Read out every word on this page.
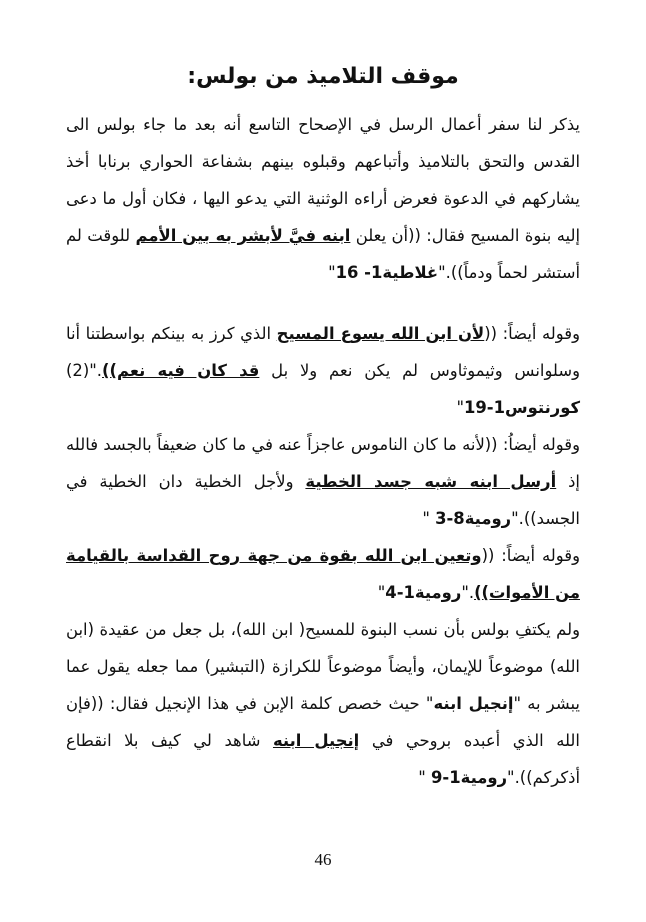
موقف التلاميذ من بولس:

يذكر لنا سفر أعمال الرسل في الإصحاح التاسع أنه بعد ما جاء بولس الى القدس والتحق بالتلاميذ وأتباعهم وقبلوه بينهم بشفاعة الحواري برنابا أخذ يشاركهم في الدعوة فعرض أراءه الوثنية التي يدعو اليها ، فكان أول ما دعى إليه بنوة المسيح فقال: ((أن يعلن ابنه فيَّ لأبشر به بين الأمم للوقت لم أستشر لحماً ودماً))."غلاطية1- 16"

وقوله أيضاً: ((لأن ابن الله يسوع المسيح الذي كرز به بينكم بواسطتنا أنا وسلوانس وثيموثاوس لم يكن نعم ولا بل قد كان فيه نعم))."(2) كورنتوس1-19"

وقوله أيضاُ: ((لأنه ما كان الناموس عاجزاً عنه في ما كان ضعيفاً بالجسد فالله إذ أرسل ابنه شبه جسد الخطية ولأجل الخطية دان الخطية في الجسد))."رومية8-3 "

وقوله أيضاً: ((وتعين ابن الله بقوة من جهة روح القداسة بالقيامة من الأموات))."رومية1-4"

ولم يكتفِ بولس بأن نسب البنوة للمسيح( ابن الله)، بل جعل من عقيدة (ابن الله) موضوعاً للإيمان، وأيضاً موضوعاً للكرازة (التبشير) مما جعله يقول عما يبشر به "إنجيل ابنه" حيث خصص كلمة الإبن في هذا الإنجيل فقال: ((فإن الله الذي أعبده بروحي في إنجيل ابنه شاهد لي كيف بلا انقطاع أذكركم))."رومية1-9 "

46
